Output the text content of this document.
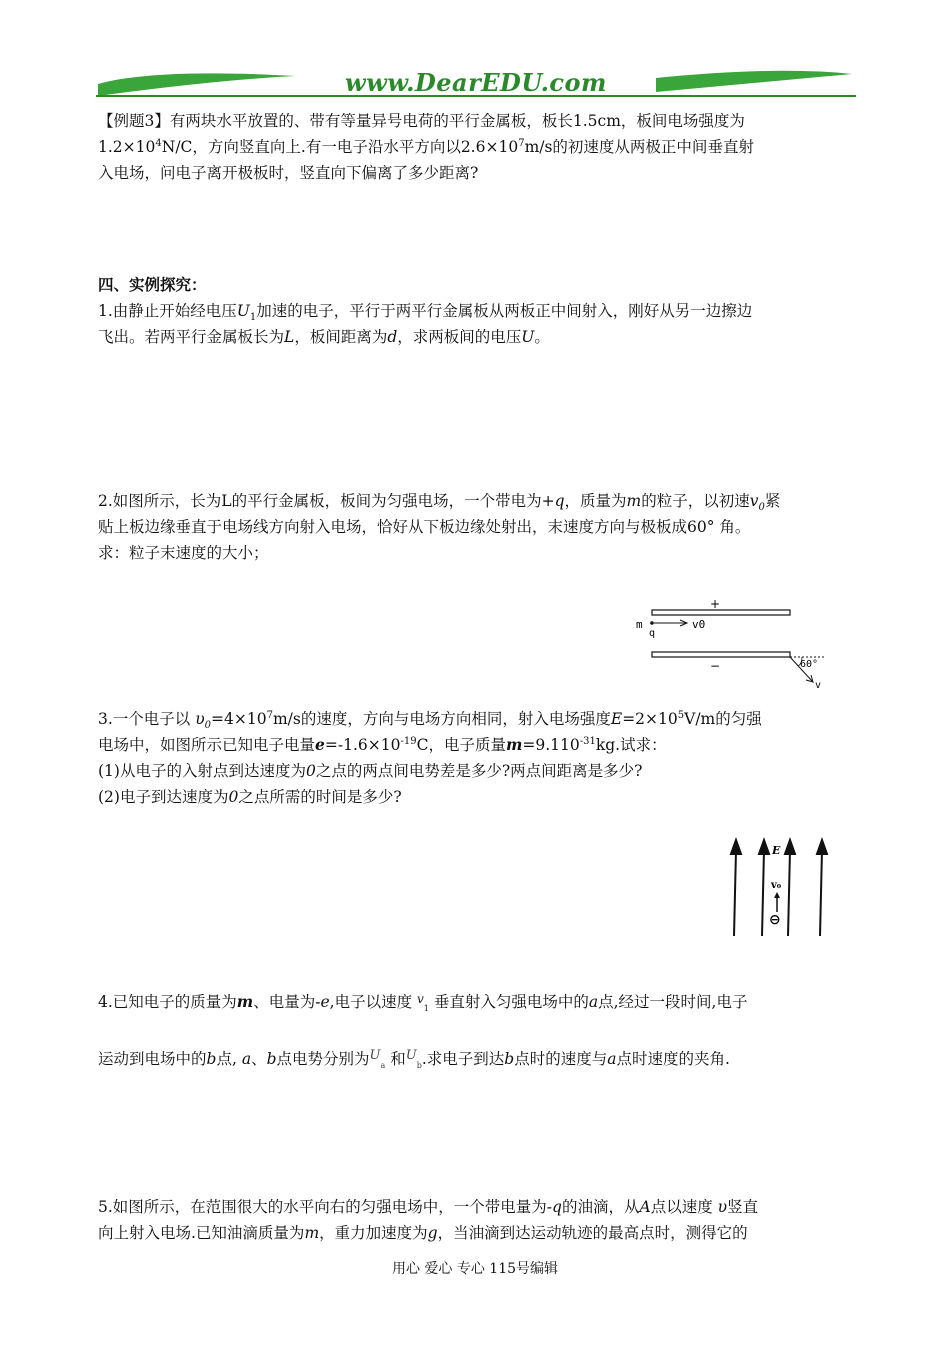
www.DearEDU.com
【例题3】有两块水平放置的、带有等量异号电荷的平行金属板，板长1.5cm，板间电场强度为
$1.2\times 10^4N/C$，方向竖直向上.有一电子沿水平方向以$2.6\times 10^7m/s$的初速度从两极正中间垂直射
入电场，问电子离开极板时，竖直向下偏离了多少距离?
四、实例探究：
1.由静止开始经电压$U_1$加速的电子，平行于两平行金属板从两板正中间射入，刚好从另一边擦边
飞出。若两平行金属板长为L，板间距离为d，求两板间的电压U。
2.如图所示，长为L的平行金属板，板间为匀强电场，一个带电为+q，质量为m的粒子，以初速$v_0$紧
贴上板边缘垂直于电场线方向射入电场，恰好从下板边缘处射出，末速度方向与极板成60° 角。
求：粒子末速度的大小；
+
−
m
q
v0
60°
v
3.一个电子以 $\upsilon_0=4\times 10^7m/s$的速度，方向与电场方向相同，射入电场强度$E=2\times 10^5V/m$的匀强
电场中，如图所示已知电子电量$e=-1.6\times 10^{-19}C$，电子质量$m=9.110^{-31}kg$.试求：
(1)从电子的入射点到达速度为0之点的两点间电势差是多少?两点间距离是多少?
(2)电子到达速度为0之点所需的时间是多少?
E
v₀
⊖
4.已知电子的质量为m、电量为-e,电子以速度 $^v_1$ 垂直射入匀强电场中的a点,经过一段时间,电子
运动到电场中的b点, a、b点电势分别为$^U_a$ 和$^U_b$.求电子到达b点时的速度与a点时速度的夹角.
5.如图所示，在范围很大的水平向右的匀强电场中，一个带电量为-q的油滴，从A点以速度 υ竖直
向上射入电场.已知油滴质量为m，重力加速度为g，当油滴到达运动轨迹的最高点时，测得它的
用心 爱心 专心 115号编辑
